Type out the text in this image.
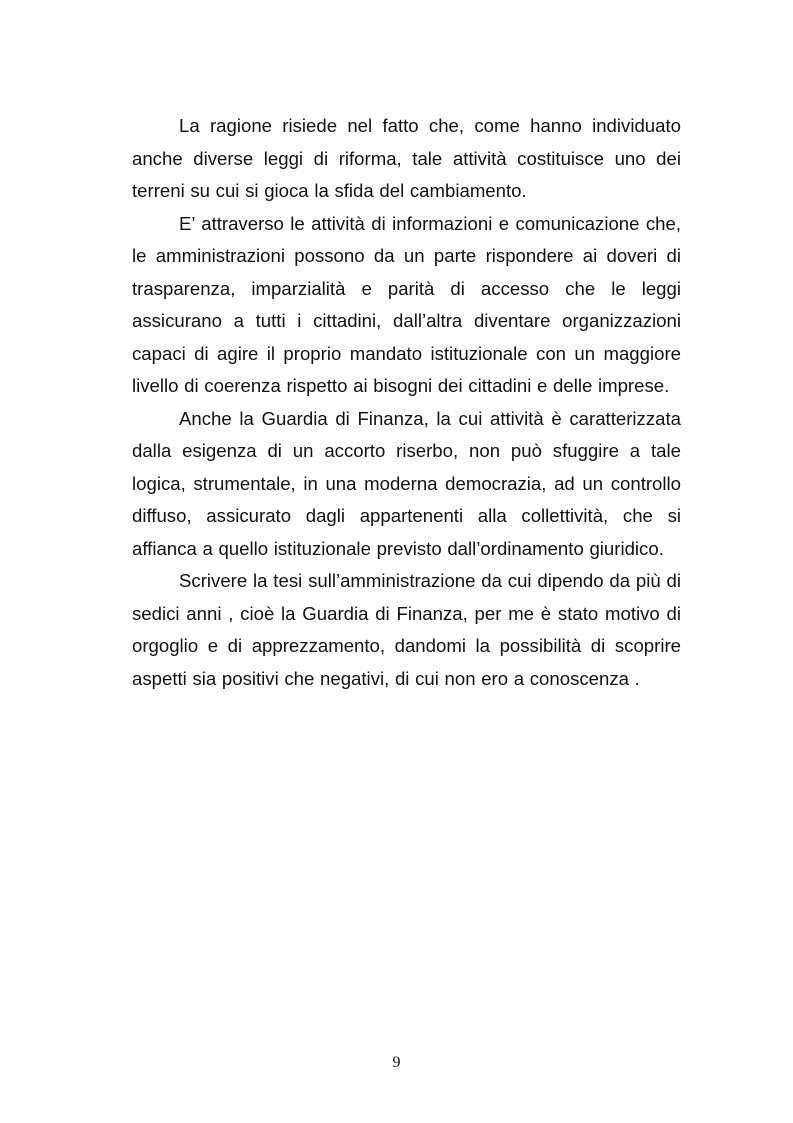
La ragione risiede nel fatto che, come hanno individuato anche diverse leggi di riforma, tale attività costituisce uno dei terreni su cui si gioca la sfida del cambiamento.

E’ attraverso le attività di informazioni e comunicazione che, le amministrazioni possono da un parte rispondere ai doveri di trasparenza, imparzialità e parità di accesso che le leggi assicurano a tutti i cittadini, dall’altra diventare organizzazioni capaci di agire il proprio mandato istituzionale con un maggiore livello di coerenza rispetto ai bisogni dei cittadini e delle imprese.

Anche la Guardia di Finanza, la cui attività è caratterizzata dalla esigenza di un accorto riserbo, non può sfuggire a tale logica, strumentale, in una moderna democrazia, ad un controllo diffuso, assicurato dagli appartenenti alla collettività, che si affianca a quello istituzionale previsto dall’ordinamento giuridico.

Scrivere la tesi sull’amministrazione da cui dipendo da più di sedici anni , cioè la Guardia di Finanza, per me è stato motivo di orgoglio e di apprezzamento, dandomi la possibilità di scoprire aspetti sia positivi che negativi, di cui non ero a conoscenza .

9
